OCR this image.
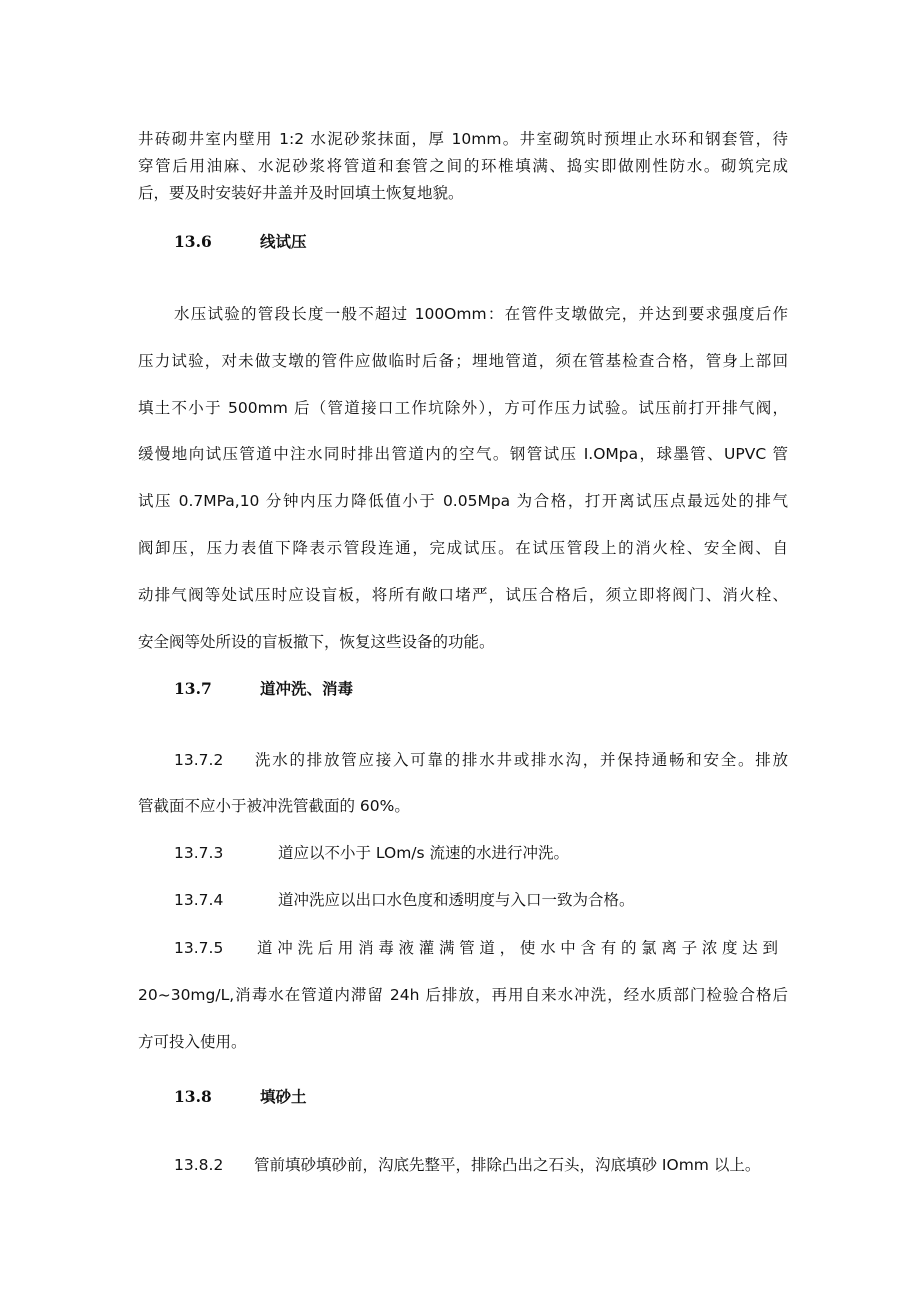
井砖砌井室内壁用 1:2 水泥砂浆抹面，厚 10mm。井室砌筑时预埋止水环和钢套管，待
穿管后用油麻、水泥砂浆将管道和套管之间的环椎填满、捣实即做刚性防水。砌筑完成
后，要及时安装好井盖并及时回填土恢复地貌。
13.6	线试压
水压试验的管段长度一般不超过 100Omm：在管件支墩做完，并达到要求强度后作
压力试验，对未做支墩的管件应做临时后备；埋地管道，须在管基检查合格，管身上部回
填土不小于 500mm 后（管道接口工作坑除外），方可作压力试验。试压前打开排气阀，
缓慢地向试压管道中注水同时排出管道内的空气。钢管试压 I.OMpa，球墨管、UPVC 管
试压 0.7MPa,10 分钟内压力降低值小于 0.05Mpa 为合格，打开离试压点最远处的排气
阀卸压，压力表值下降表示管段连通，完成试压。在试压管段上的消火栓、安全阀、自
动排气阀等处试压时应设盲板，将所有敞口堵严，试压合格后，须立即将阀门、消火栓、
安全阀等处所设的盲板撤下，恢复这些设备的功能。
13.7	道冲洗、消毒
13.7.2 洗水的排放管应接入可靠的排水井或排水沟，并保持通畅和安全。排放
管截面不应小于被冲洗管截面的 60%。
13.7.3	道应以不小于 LOm/s 流速的水进行冲洗。
13.7.4	道冲洗应以出口水色度和透明度与入口一致为合格。
13.7.5 道冲洗后用消毒液灌满管道，使水中含有的氯离子浓度达到
20~30mg/L,消毒水在管道内滞留 24h 后排放，再用自来水冲洗，经水质部门检验合格后
方可投入使用。
13.8	填砂土
13.8.2 管前填砂填砂前，沟底先整平，排除凸出之石头，沟底填砂 IOmm 以上。
